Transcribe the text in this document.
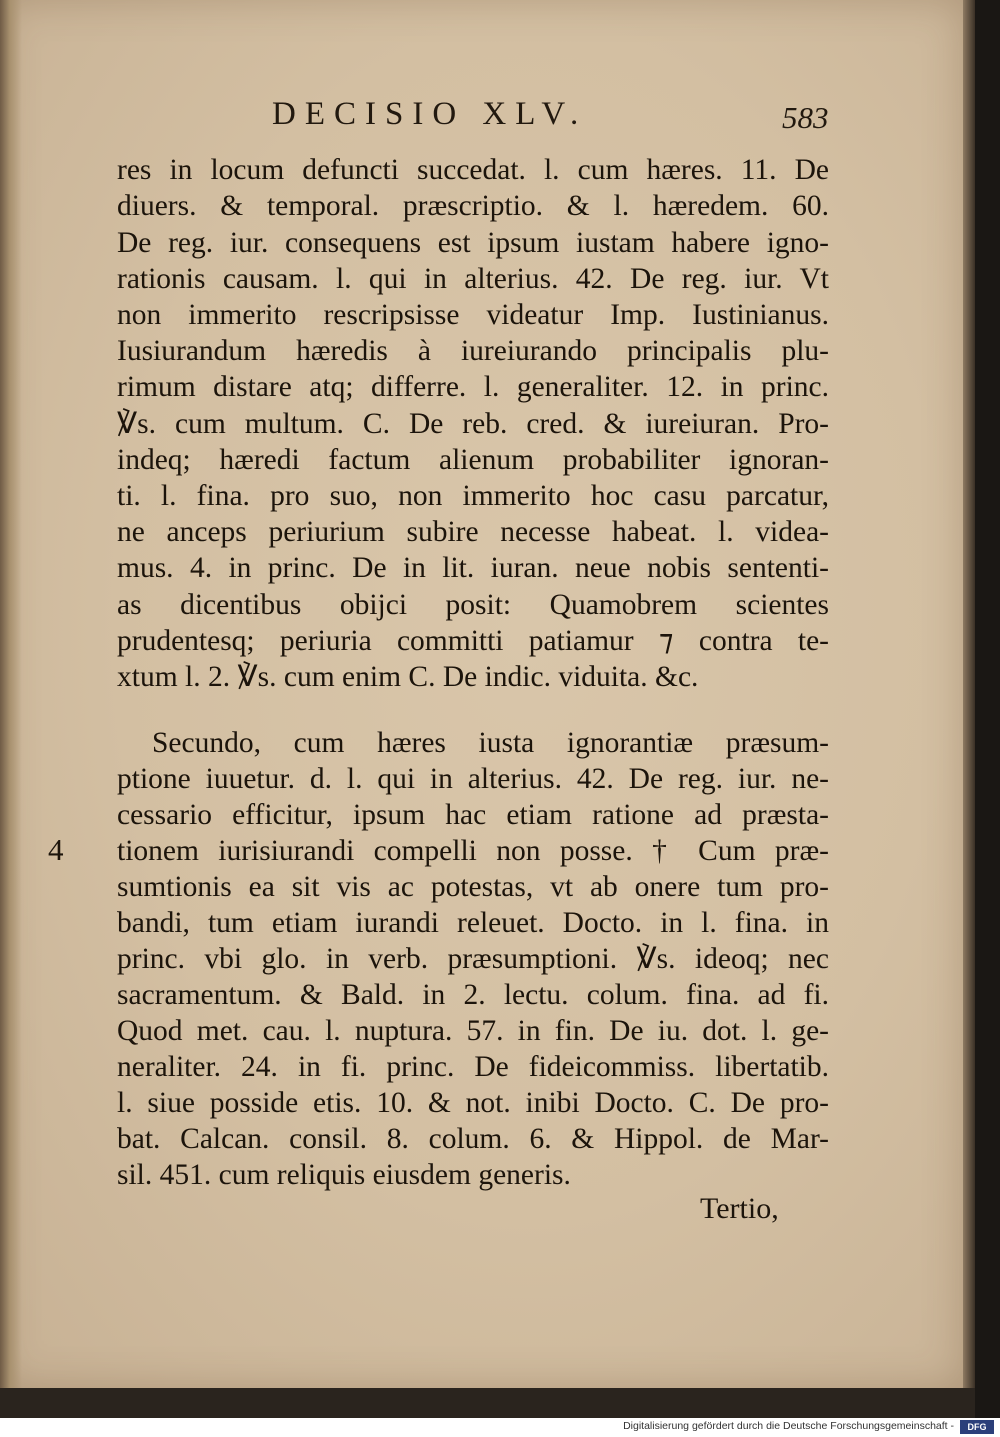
DECISIO XLV.	583
res in locum defuncti succedat. l. cum hæres. 11. De
diuers. & temporal. præscriptio. & l. hæredem. 60.
De reg. iur. consequens est ipsum iustam habere igno-
rationis causam. l. qui in alterius. 42. De reg. iur. Vt
non immerito rescripsisse videatur Imp. Iustinianus.
Iusiurandum hæredis à iureiurando principalis plu-
rimum distare atq; differre. l. generaliter. 12. in princ.
℣s. cum multum. C. De reb. cred. & iureiuran. Pro-
indeq; hæredi factum alienum probabiliter ignoran-
ti. l. fina. pro suo, non immerito hoc casu parcatur,
ne anceps periurium subire necesse habeat. l. videa-
mus. 4. in princ. De in lit. iuran. neue nobis sententi-
as dicentibus obijci posit: Quamobrem scientes
prudentesq; periuria committi patiamur ⁊ contra te-
xtum l. 2. ℣s. cum enim C. De indic. viduita. &c.
Secundo, cum hæres iusta ignorantiæ præsum-
ptione iuuetur. d. l. qui in alterius. 42. De reg. iur. ne-
cessario efficitur, ipsum hac etiam ratione ad præsta-
tionem iurisiurandi compelli non posse. † Cum præ-
sumtionis ea sit vis ac potestas, vt ab onere tum pro-
bandi, tum etiam iurandi releuet. Docto. in l. fina. in
princ. vbi glo. in verb. præsumptioni. ℣s. ideoq; nec
sacramentum. & Bald. in 2. lectu. colum. fina. ad fi.
Quod met. cau. l. nuptura. 57. in fin. De iu. dot. l. ge-
neraliter. 24. in fi. princ. De fideicommiss. libertatib.
l. siue posside etis. 10. & not. inibi Docto. C. De pro-
bat. Calcan. consil. 8. colum. 6. & Hippol. de Mar-
sil. 451. cum reliquis eiusdem generis.
4
Tertio,
Digitalisierung gefördert durch die Deutsche Forschungsgemeinschaft -	DFG
